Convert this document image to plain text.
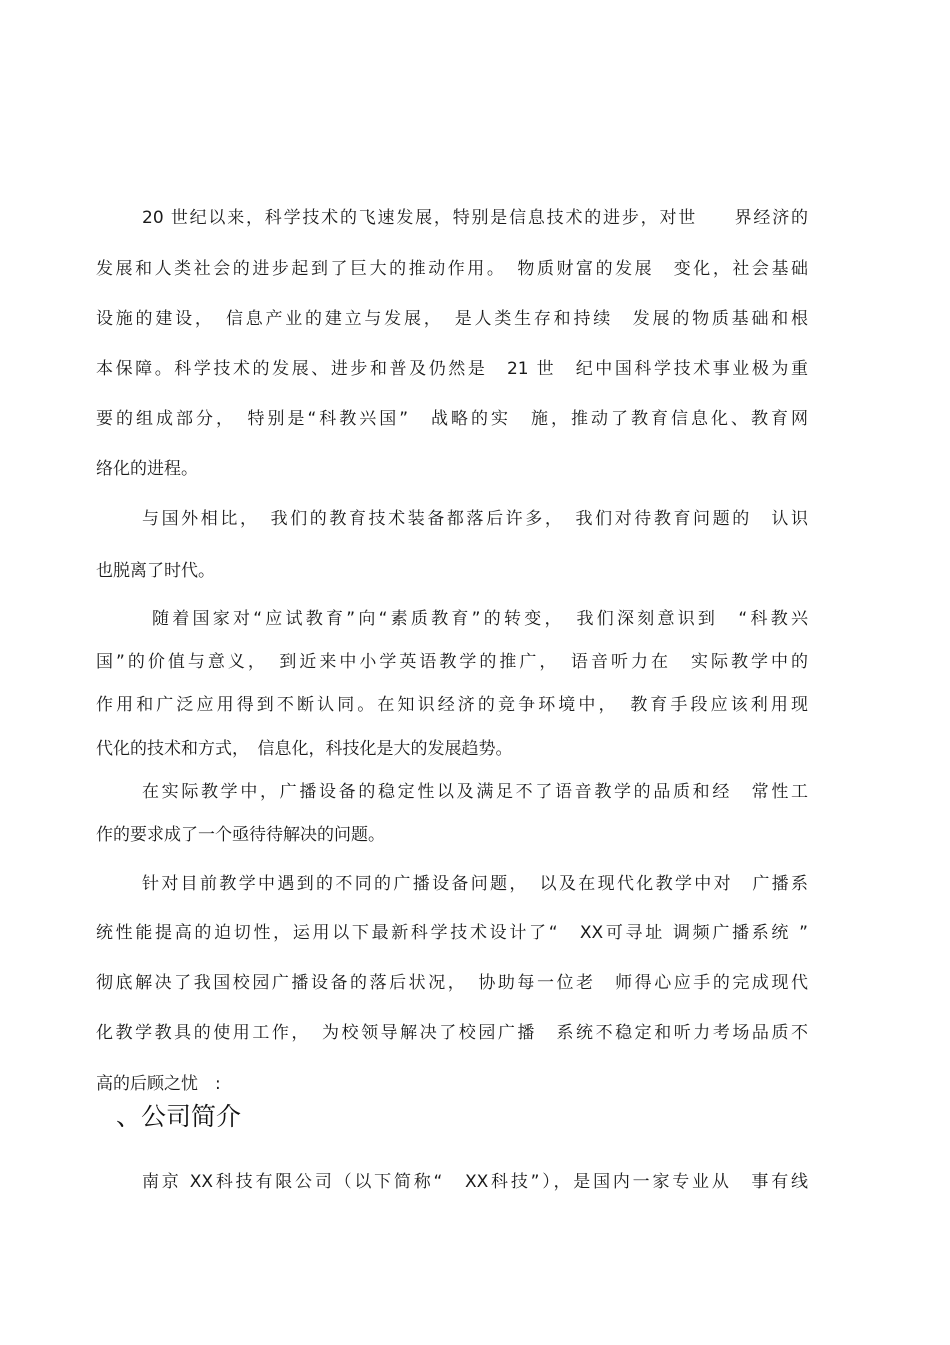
20 世纪以来，科学技术的飞速发展，特别是信息技术的进步，对世　　界经济的
发展和人类社会的进步起到了巨大的推动作用。　物质财富的发展　变化，社会基础
设施的建设，　信息产业的建立与发展，　是人类生存和持续　发展的物质基础和根
本保障。科学技术的发展、进步和普及仍然是　21 世　纪中国科学技术事业极为重
要的组成部分，　特别是“科教兴国”　战略的实　施，推动了教育信息化、教育网
络化的进程。
与国外相比，　我们的教育技术装备都落后许多，　我们对待教育问题的　认识
也脱离了时代。
随着国家对“应试教育”向“素质教育”的转变，　我们深刻意识到　“科教兴
国”的价值与意义，　到近来中小学英语教学的推广，　语音听力在　实际教学中的
作用和广泛应用得到不断认同。在知识经济的竞争环境中，　教育手段应该利用现
代化的技术和方式，　信息化，科技化是大的发展趋势。
在实际教学中，广播设备的稳定性以及满足不了语音教学的品质和经　常性工
作的要求成了一个亟待待解决的问题。
针对目前教学中遇到的不同的广播设备问题，　以及在现代化教学中对　广播系
统性能提高的迫切性，运用以下最新科学技术设计了“　XX可寻址 调频广播系统 ”
彻底解决了我国校园广播设备的落后状况，　协助每一位老　师得心应手的完成现代
化教学教具的使用工作，　为校领导解决了校园广播　系统不稳定和听力考场品质不
高的后顾之忧　:
、公司简介
南京 XX科技有限公司（以下简称“　XX科技”），是国内一家专业从　事有线
